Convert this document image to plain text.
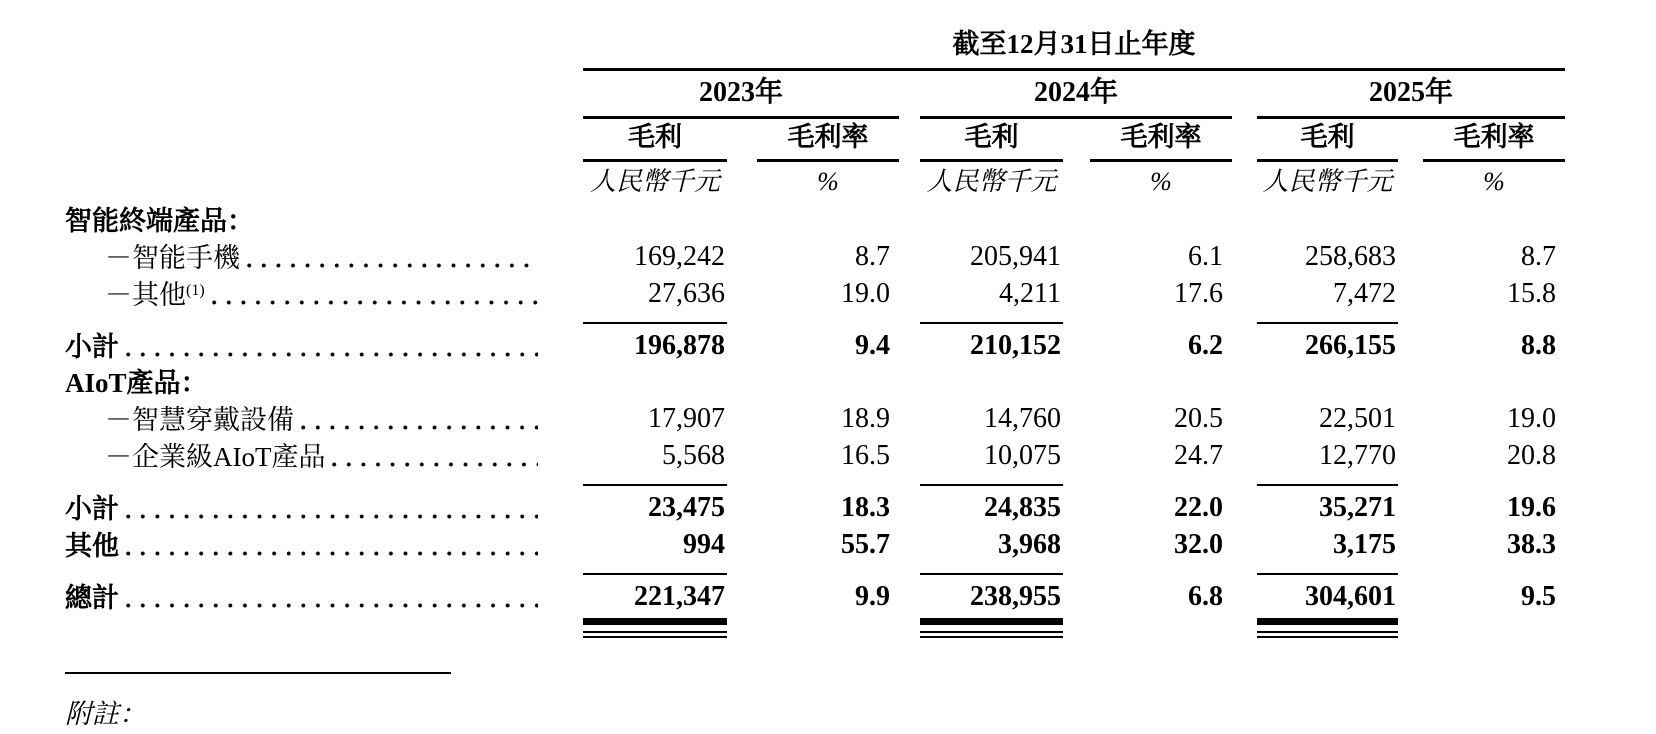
截至12月31日止年度
2023年	2024年	2025年
毛利	毛利率	毛利	毛利率	毛利	毛利率
人民幣千元	%	人民幣千元	%	人民幣千元	%
智能終端產品：
－智能手機	169,242	8.7	205,941	6.1	258,683	8.7
－其他 (1)	27,636	19.0	4,211	17.6	7,472	15.8
小計	196,878	9.4	210,152	6.2	266,155	8.8
AIoT產品：
－智慧穿戴設備	17,907	18.9	14,760	20.5	22,501	19.0
－企業級AIoT產品	5,568	16.5	10,075	24.7	12,770	20.8
小計	23,475	18.3	24,835	22.0	35,271	19.6
其他	994	55.7	3,968	32.0	3,175	38.3
總計	221,347	9.9	238,955	6.8	304,601	9.5
附註：
